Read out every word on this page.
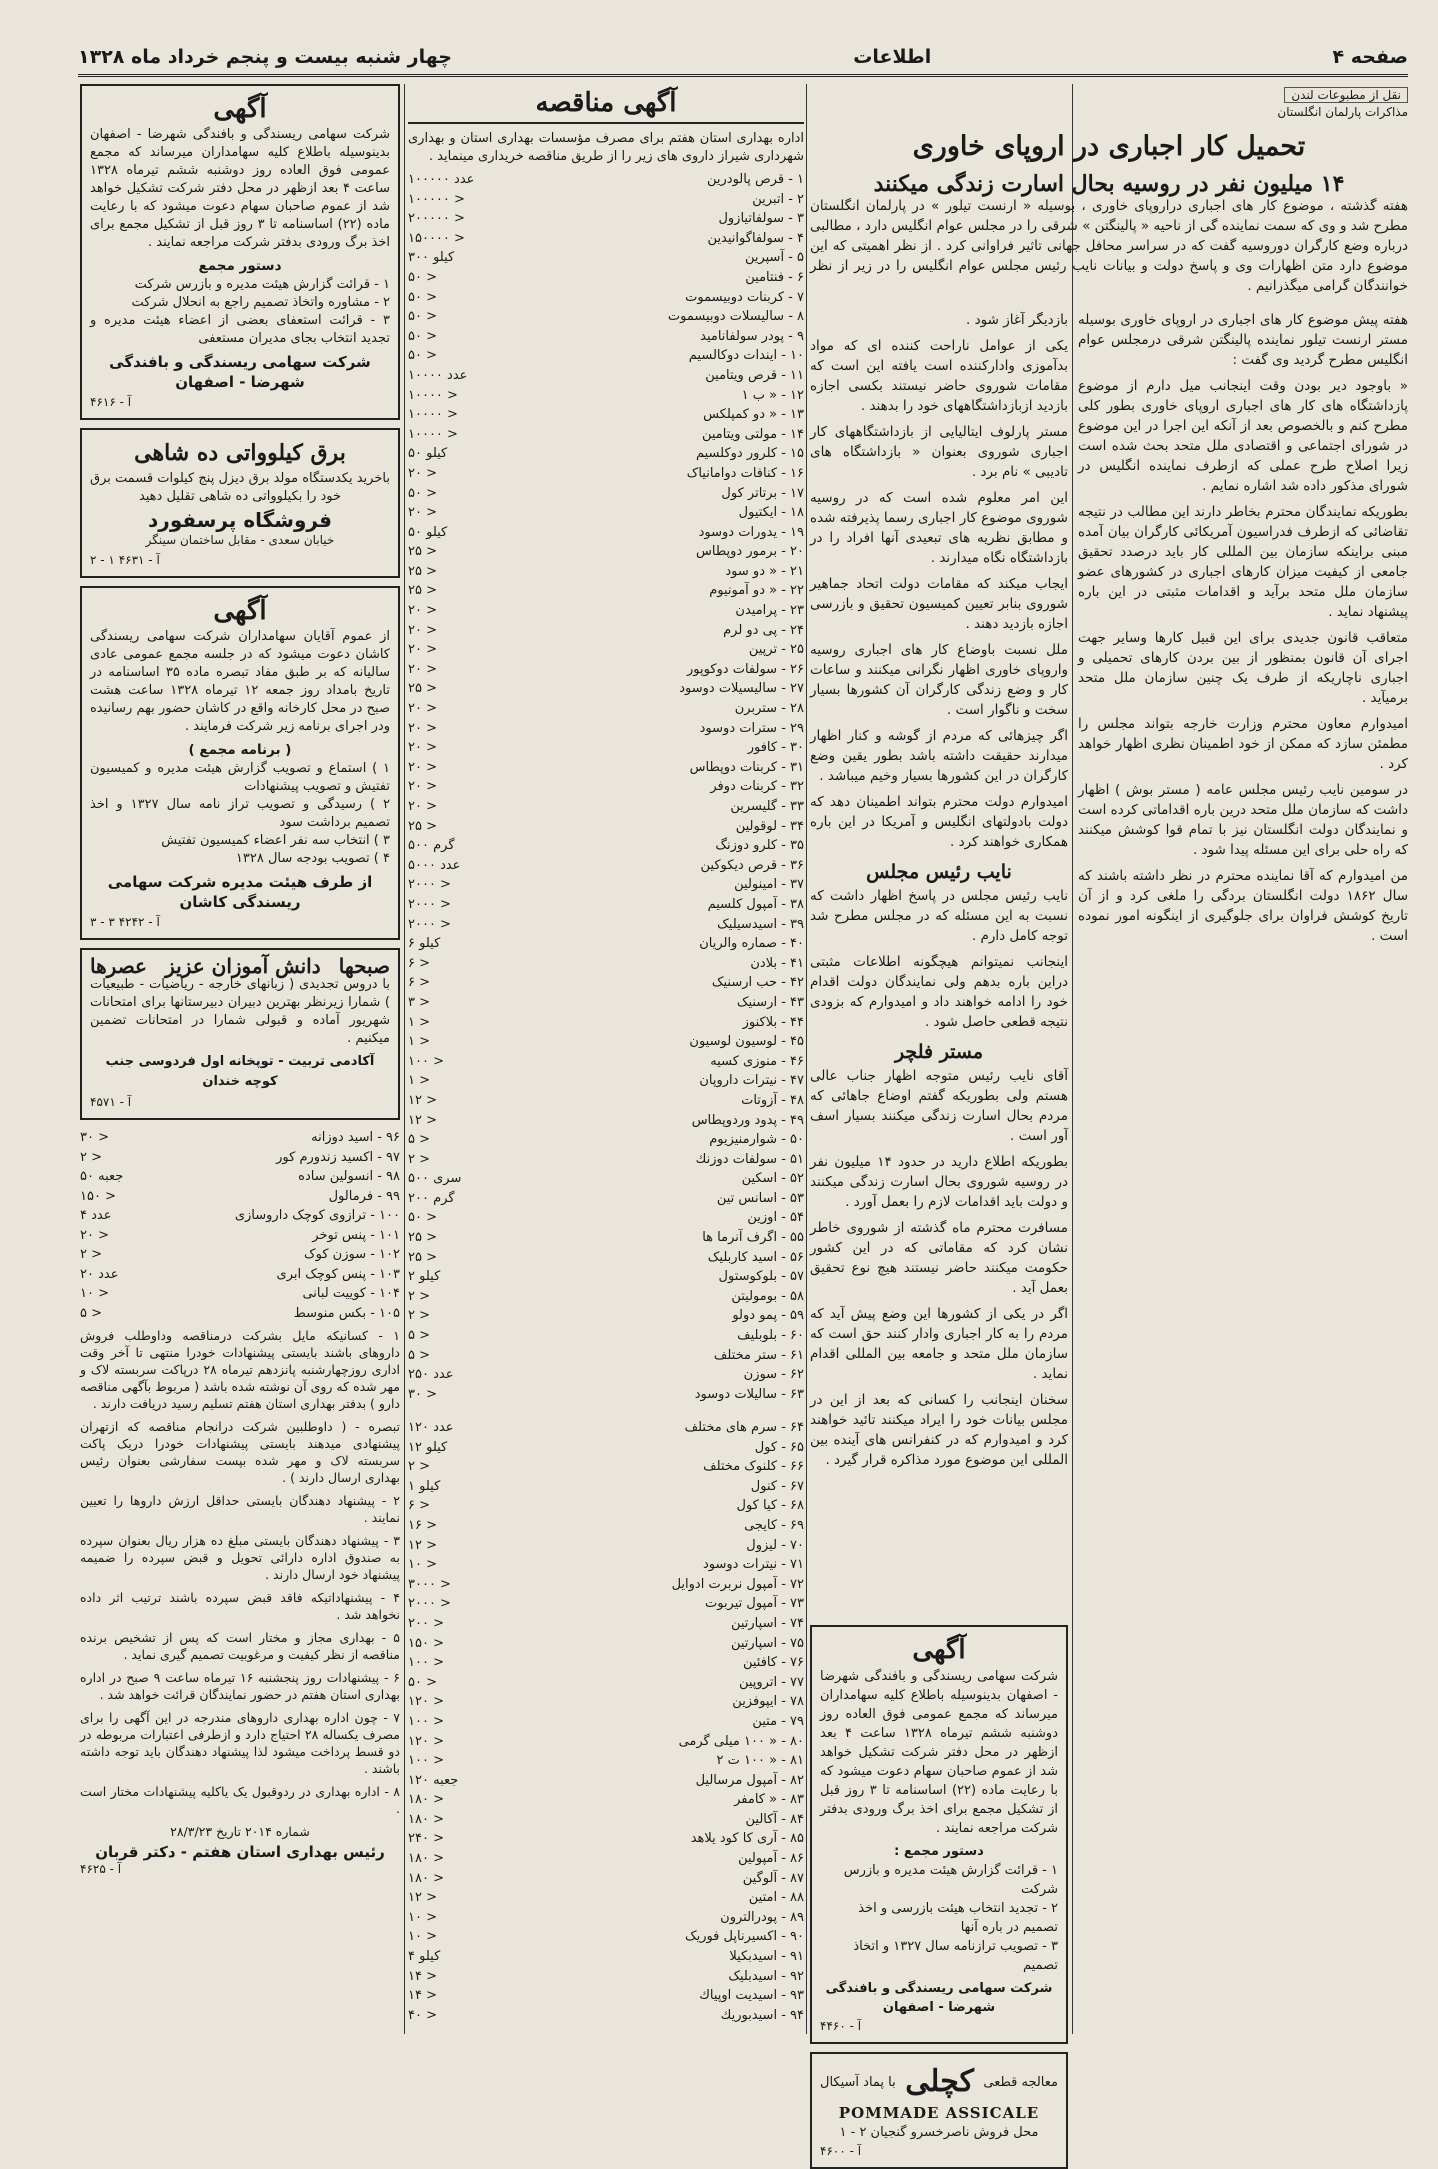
صفحه ۴
اطلاعات
چهار شنبه بیست و پنجم خرداد ماه ۱۳۲۸
نقل از مطبوعات لندن
مذاکرات پارلمان انگلستان
تحمیل کار اجباری در اروپای خاوری
۱۴ میلیون نفر در روسیه بحال اسارت زندگی میکنند
هفته گذشته ، موضوع کار های اجباری دراروپای خاوری ، بوسیله « ارنست تیلور » در پارلمان انگلستان مطرح شد و وی که سمت نماینده گی از ناحیه « پالینگتن » شرقی را در مجلس عوام انگلیس دارد ، مطالبی درباره وضع کارگران دوروسیه گفت که در سراسر محافل جهانی تاثیر فراوانی کرد . از نظر اهمیتی که این موضوع دارد متن اظهارات وی و پاسخ دولت و بیانات نایب رئیس مجلس عوام انگلیس را در زیر از نظر خوانندگان گرامی میگذرانیم .

هفته پیش موضوع کار های اجباری در اروپای خاوری بوسیله مستر ارنست تیلور نماینده پالینگتن شرقی درمجلس عوام انگلیس مطرح گردید وی گفت :

« باوجود دیر بودن وقت اینجانب میل دارم از موضوع پازداشتگاه های کار های اجباری اروپای خاوری بطور کلی مطرح کنم و بالخصوص بعد از آنکه این اجرا در این موضوع در شورای اجتماعی و اقتصادی ملل متحد بحث شده است زیرا اصلاح طرح عملی که ازطرف نماینده انگلیس در شورای مذکور داده شد اشاره نمایم .

بطوریکه نمایندگان محترم بخاطر دارند این مطالب در نتیجه تقاضائی که ازطرف فدراسیون آمریکائی کارگران بیان آمده مبنی براینکه سازمان بین المللی کار باید درصدد تحقیق جامعی از کیفیت میزان کارهای اجباری در کشورهای عضو سازمان ملل متحد برآید و اقدامات مثبتی در این باره پیشنهاد نماید .

متعاقب قانون جدیدی برای این قبیل کارها وسایر جهت اجرای آن قانون بمنظور از بین بردن کارهای تحمیلی و اجباری ناچاریکه از طرف یک چنین سازمان ملل متحد برمیآید .

امیدوارم معاون محترم وزارت خارجه بتواند مجلس را مطمئن سازد که ممکن از خود اطمینان نظری اظهار خواهد کرد .

در سومین نایب رئیس مجلس عامه ( مستر بوش ) اظهار داشت که سازمان ملل متحد درین باره اقداماتی کرده است و نمایندگان دولت انگلستان نیز با تمام قوا کوشش میکنند که راه حلی برای این مسئله پیدا شود .

من امیدوارم که آقا نماینده محترم در نظر داشته باشند که سال ۱۸۶۲ دولت انگلستان بردگی را ملغی کرد و از آن تاریخ کوشش فراوان برای جلوگیری از اینگونه امور نموده است .

بازدیگر آغاز شود .

یکی از عوامل ناراحت کننده ای که مواد بدآموزی وادارکننده است یافته این است که مقامات شوروی حاضر نیستند بکسی اجازه بازدید ازبازداشتگاههای خود را بدهند .

مستر پارلوف ایتالیایی از بازداشتگاههای کار اجباری شوروی بعنوان « بازداشتگاه های تادیبی » نام برد .

این امر معلوم شده است که در روسیه شوروی موضوع کار اجباری رسما پذیرفته شده و مطابق نظریه های تبعیدی آنها افراد را در بازداشتگاه نگاه میدارند .

ایجاب میکند که مقامات دولت اتحاد جماهیر شوروی بنابر تعیین کمیسیون تحقیق و بازرسی اجازه بازدید دهند .

ملل نسبت باوضاع کار های اجباری روسیه واروپای خاوری اظهار نگرانی میکنند و ساعات کار و وضع زندگی کارگران آن کشورها بسیار سخت و ناگوار است .

اگر چیزهائی که مردم از گوشه و کنار اظهار میدارند حقیقت داشته باشد بطور یقین وضع کارگران در این کشورها بسیار وخیم میباشد .

امیدوارم دولت محترم بتواند اطمینان دهد که دولت بادولتهای انگلیس و آمریکا در این باره همکاری خواهند کرد .

نایب رئیس مجلس

نایب رئیس مجلس در پاسخ اظهار داشت که نسبت به این مسئله که در مجلس مطرح شد توجه کامل دارم .

اینجانب نمیتوانم هیچگونه اطلاعات مثبتی دراین باره بدهم ولی نمایندگان دولت اقدام خود را ادامه خواهند داد و امیدوارم که بزودی نتیجه قطعی حاصل شود .

مستر فلچر

آقای نایب رئیس متوجه اظهار جناب عالی هستم ولی بطوریکه گفتم اوضاع جاهائی که مردم بحال اسارت زندگی میکنند بسیار اسف آور است .

بطوریکه اطلاع دارید در حدود ۱۴ میلیون نفر در روسیه شوروی بحال اسارت زندگی میکنند و دولت باید اقدامات لازم را بعمل آورد .

مسافرت محترم ماه گذشته از شوروی خاطر نشان کرد که مقاماتی که در این کشور حکومت میکنند حاضر نیستند هیچ نوع تحقیق بعمل آید .

اگر در یکی از کشورها این وضع پیش آید که مردم را به کار اجباری وادار کنند حق است که سازمان ملل متحد و جامعه بین المللی اقدام نماید .

سخنان اینجانب را کسانی که بعد از این در مجلس بیانات خود را ایراد میکنند تائید خواهند کرد و امیدوارم که در کنفرانس های آینده بین المللی این موضوع مورد مذاکره قرار گیرد .

آگهی
شرکت سهامی ریسندگی و بافندگی شهرضا - اصفهان بدینوسیله باطلاع کلیه سهامداران میرساند که مجمع عمومی فوق العاده روز دوشنبه ششم تیرماه ۱۳۲۸ ساعت ۴ بعد ازظهر در محل دفتر شرکت تشکیل خواهد شد از عموم صاحبان سهام دعوت میشود که با رعایت ماده (۲۲) اساسنامه تا ۳ روز قبل از تشکیل مجمع برای اخذ برگ ورودی بدفتر شرکت مراجعه نمایند .
دستور مجمع :
۱ - قرائت گزارش هیئت مدیره و بازرس شرکت
۲ - تجدید انتخاب هیئت بازرسی و اخذ تصمیم در باره آنها
۳ - تصویب ترازنامه سال ۱۳۲۷ و اتخاذ تصمیم
شرکت سهامی ریسندگی و بافندگی شهرضا - اصفهان
آ - ۴۴۶۰
معالجه قطعی
کچلی
با پماد آسیکال
POMMADE ASSICALE
محل فروش ناصرخسرو گنجیان ۲ - ۱
آ - ۴۶۰۰
آگهی مناقصه
اداره بهداری استان هفتم برای مصرف مؤسسات بهداری استان و بهداری شهرداری شیراز داروی های زیر را از طریق مناقصه خریداری مینماید .
۱ - قرص پالودرین
۱۰۰۰۰۰ عدد
۲ - اتبرین
۱۰۰۰۰۰ >
۳ - سولفاتیازول
۲۰۰۰۰۰ >
۴ - سولفاگوانیدین
۱۵۰۰۰۰ >
۵ - آسپرین
۳۰۰ کیلو
۶ - فنتامین
۵۰ >
۷ - کربنات دوبیسموت
۵۰ >
۸ - سالیسلات دوبیسموت
۵۰ >
۹ - پودر سولفانامید
۵۰ >
۱۰ - ایندات دوکالسیم
۵۰ >
۱۱ - قرص ویتامین
۱۰۰۰۰ عدد
۱۲ - « ب ۱
۱۰۰۰۰ >
۱۳ - « دو کمپلکس
۱۰۰۰۰ >
۱۴ - مولتی ویتامین
۱۰۰۰۰ >
۱۵ - کلرور دوکلسیم
۵۰ کیلو
۱۶ - کنافات دوامانیاک
۲۰ >
۱۷ - برتاتر کول
۵۰ >
۱۸ - ایکتیول
۲۰ >
۱۹ - یدورات دوسود
۵۰ کیلو
۲۰ - برمور دوپطاس
۲۵ >
۲۱ - « دو سود
۲۵ >
۲۲ - « دو آمونیوم
۲۵ >
۲۳ - پرامیدن
۲۰ >
۲۴ - پی دو لرم
۲۰ >
۲۵ - ترپین
۲۰ >
۲۶ - سولفات دوکوپور
۲۰ >
۲۷ - سالیسیلات دوسود
۲۵ >
۲۸ - ستربرن
۲۰ >
۲۹ - سترات دوسود
۲۰ >
۳۰ - کافور
۲۰ >
۳۱ - کربنات دوپطاس
۲۰ >
۳۲ - کربنات دوفر
۲۰ >
۳۳ - گلیسرین
۲۰ >
۳۴ - لوقولین
۲۵ >
۳۵ - کلرو دوزنگ
۵۰۰ گرم
۳۶ - قرص دیکوکین
۵۰۰۰ عدد
۳۷ - امینولین
۲۰۰۰ >
۳۸ - آمپول کلسیم
۲۰۰۰ >
۳۹ - اسیدسیلیک
۲۰۰۰ >
۴۰ - صماره والریان
۶ کیلو
۴۱ - بلادن
۶ >
۴۲ - حب ارسنیک
۶ >
۴۳ - ارسنیک
۳ >
۴۴ - بلاکنوز
۱ >
۴۵ - لوسیون لوسیون
۱ >
۴۶ - منوزی کسیه
۱۰۰ >
۴۷ - نیترات داروپان
۱ >
۴۸ - آزوتات
۱۲ >
۴۹ - پدود وردوپطاس
۱۲ >
۵۰ - شوارمنیزیوم
۵ >
۵۱ - سولفات دوزنك
۲ >
۵۲ - اسکین
۵۰۰ سری
۵۳ - اسانس تین
۲۰۰ گرم
۵۴ - اوزین
۵۰ >
۵۵ - اگرف آنرما ها
۲۵ >
۵۶ - اسید کاربلیک
۲۵ >
۵۷ - بلوکوستول
۲ کیلو
۵۸ - بومولیتن
۲ >
۵۹ - پمو دولو
۲ >
۶۰ - بلوبلیف
۵ >
۶۱ - ستر مختلف
۵ >
۶۲ - سوزن
۲۵۰ عدد
۶۳ - سالیلات دوسود
۳۰ >
۶۴ - سرم های مختلف
۱۲۰ عدد
۶۵ - کول
۱۲ کیلو
۶۶ - کلنوک مختلف
۲ >
۶۷ - کنول
۱ کیلو
۶۸ - کیا کول
۶ >
۶۹ - کایجی
۱۶ >
۷۰ - لیزول
۱۲ >
۷۱ - نیترات دوسود
۱۰ >
۷۲ - آمپول نربرت ادوایل
۳۰۰۰ >
۷۳ - آمپول تیربوت
۲۰۰۰ >
۷۴ - اسپارتین
۲۰۰ >
۷۵ - اسپارتین
۱۵۰ >
۷۶ - کافئین
۱۰۰ >
۷۷ - اتروپین
۵۰ >
۷۸ - ایپوفزین
۱۲۰ >
۷۹ - متین
۱۰۰ >
۸۰ - « ۱۰۰ میلی گرمی
۱۲۰ >
۸۱ - « ۱۰۰ ت ۲
۱۰۰ >
۸۲ - آمپول مرسالیل
۱۲۰ جعبه
۸۳ - « کامفر
۱۸۰ >
۸۴ - آکالین
۱۸۰ >
۸۵ - آری کا کود یلاهد
۲۴۰ >
۸۶ - آمپولین
۱۸۰ >
۸۷ - آلوگین
۱۸۰ >
۸۸ - امتین
۱۲ >
۸۹ - پودرالترون
۱۰ >
۹۰ - اکسیرناپل فوریک
۱۰ >
۹۱ - اسیدبکیلا
۴ کیلو
۹۲ - اسیدبلیک
۱۴ >
۹۳ - اسیدیت اوپیاك
۱۴ >
۹۴ - اسیدبوریك
۴۰ >
آگهی
شرکت سهامی ریسندگی و بافندگی شهرضا - اصفهان بدینوسیله باطلاع کلیه سهامداران میرساند که مجمع عمومی فوق العاده روز دوشنبه ششم تیرماه ۱۳۲۸ ساعت ۴ بعد ازظهر در محل دفتر شرکت تشکیل خواهد شد از عموم صاحبان سهام دعوت میشود که با رعایت ماده (۲۲) اساسنامه تا ۳ روز قبل از تشکیل مجمع برای اخذ برگ ورودی بدفتر شرکت مراجعه نمایند .
دستور مجمع
۱ - قرائت گزارش هیئت مدیره و بازرس شرکت
۲ - مشاوره واتخاذ تصمیم راجع به انحلال شرکت
۳ - قرائت استعفای بعضی از اعضاء هیئت مدیره و تجدید انتخاب بجای مدیران مستعفی
شرکت سهامی ریسندگی و بافندگی شهرضا - اصفهان
آ - ۴۶۱۶
برق کیلوواتی ده شاهی
باخرید یکدستگاه مولد برق دیزل پنج کیلوات قسمت برق خود را بکیلوواتی ده شاهی تقلیل دهید
فروشگاه پرسفورد
خیابان سعدی - مقابل ساختمان سینگر
آ - ۴۶۳۱ ۱ - ۲
آگهی
از عموم آقایان سهامداران شرکت سهامی ریسندگی کاشان دعوت میشود که در جلسه مجمع عمومی عادی سالیانه که بر طبق مفاد تبصره ماده ۳۵ اساسنامه در تاریخ بامداد روز جمعه ۱۲ تیرماه ۱۳۲۸ ساعت هشت صبح در محل کارخانه واقع در کاشان حضور بهم رسانیده ودر اجرای برنامه زیر شرکت فرمایند .
( برنامه مجمع )
۱ ) استماع و تصویب گزارش هیئت مدیره و کمیسیون تفتیش و تصویب پیشنهادات
۲ ) رسیدگی و تصویب تراز نامه سال ۱۳۲۷ و اخذ تصمیم برداشت سود
۳ ) انتخاب سه نفر اعضاء کمیسیون تفتیش
۴ ) تصویب بودجه سال ۱۳۲۸
از طرف هیئت مدیره شرکت سهامی ریسندگی کاشان
آ - ۴۲۴۲ ۳ - ۳
صبحها
دانش آموزان عزیز
عصرها
با دروس تجدیدی ( زبانهای خارجه - ریاضیات - طبیعیات ) شمارا زیرنظر بهترین دبیران دبیرستانها برای امتحانات شهریور آماده و قبولی شمارا در امتحانات تضمین میکنیم .
آکادمی تربیت - توپخانه اول فردوسی جنب کوچه خندان
آ - ۴۵۷۱
۹۶ - اسید دوزانه
۳۰ >
۹۷ - اکسید زندورم کور
۲ >
۹۸ - انسولین ساده
۵۰ جعبه
۹۹ - فرمالول
۱۵۰ >
۱۰۰ - ترازوی کوچک داروسازی
۴ عدد
۱۰۱ - پنس توخر
۲۰ >
۱۰۲ - سوزن کوک
۲ >
۱۰۳ - پنس کوچک ابری
۲۰ عدد
۱۰۴ - کوییت لبانی
۱۰ >
۱۰۵ - بکس منوسط
۵ >

۱ - کسانیکه مایل بشرکت درمناقصه وداوطلب فروش داروهای باشند بایستی پیشنهادات خودرا منتهی تا آخر وقت اداری روزچهارشنبه پانزدهم تیرماه ۲۸ درپاکت سربسته لاک و مهر شده که روی آن نوشته شده باشد ( مربوط بآگهی مناقصه دارو ) بدفتر بهداری استان هفتم تسلیم رسید دریافت دارند .

تبصره - ( داوطلبین شرکت درانجام مناقصه که ازتهران پیشنهادی میدهند بایستی پیشنهادات خودرا دریک پاکت سربسته لاک و مهر شده بپست سفارشی بعنوان رئیس بهداری ارسال دارند ) .

۲ - پیشنهاد دهندگان بایستی حداقل ارزش داروها را تعیین نمایند .

۳ - پیشنهاد دهندگان بایستی مبلغ ده هزار ریال بعنوان سپرده به صندوق اداره دارائی تحویل و قبض سپرده را ضمیمه پیشنهاد خود ارسال دارند .

۴ - پیشنهاداتیکه فاقد قبض سپرده باشند ترتیب اثر داده نخواهد شد .

۵ - بهداری مجاز و مختار است که پس از تشخیص برنده مناقصه از نظر کیفیت و مرغوبیت تصمیم گیری نماید .

۶ - پیشنهادات روز پنجشنبه ۱۶ تیرماه ساعت ۹ صبح در اداره بهداری استان هفتم در حضور نمایندگان قرائت خواهد شد .

۷ - چون اداره بهداری داروهای مندرجه در این آگهی را برای مصرف یکساله ۲۸ احتیاج دارد و ازطرفی اعتبارات مربوطه در دو قسط پرداخت میشود لذا پیشنهاد دهندگان باید توجه داشته باشند .

۸ - اداره بهداری در ردوقبول یک یاکلیه پیشنهادات مختار است .

شماره ۲۰۱۴ تاریخ ۲۸/۳/۲۳
رئیس بهداری استان هفتم - دکتر قربان
آ - ۴۶۲۵
